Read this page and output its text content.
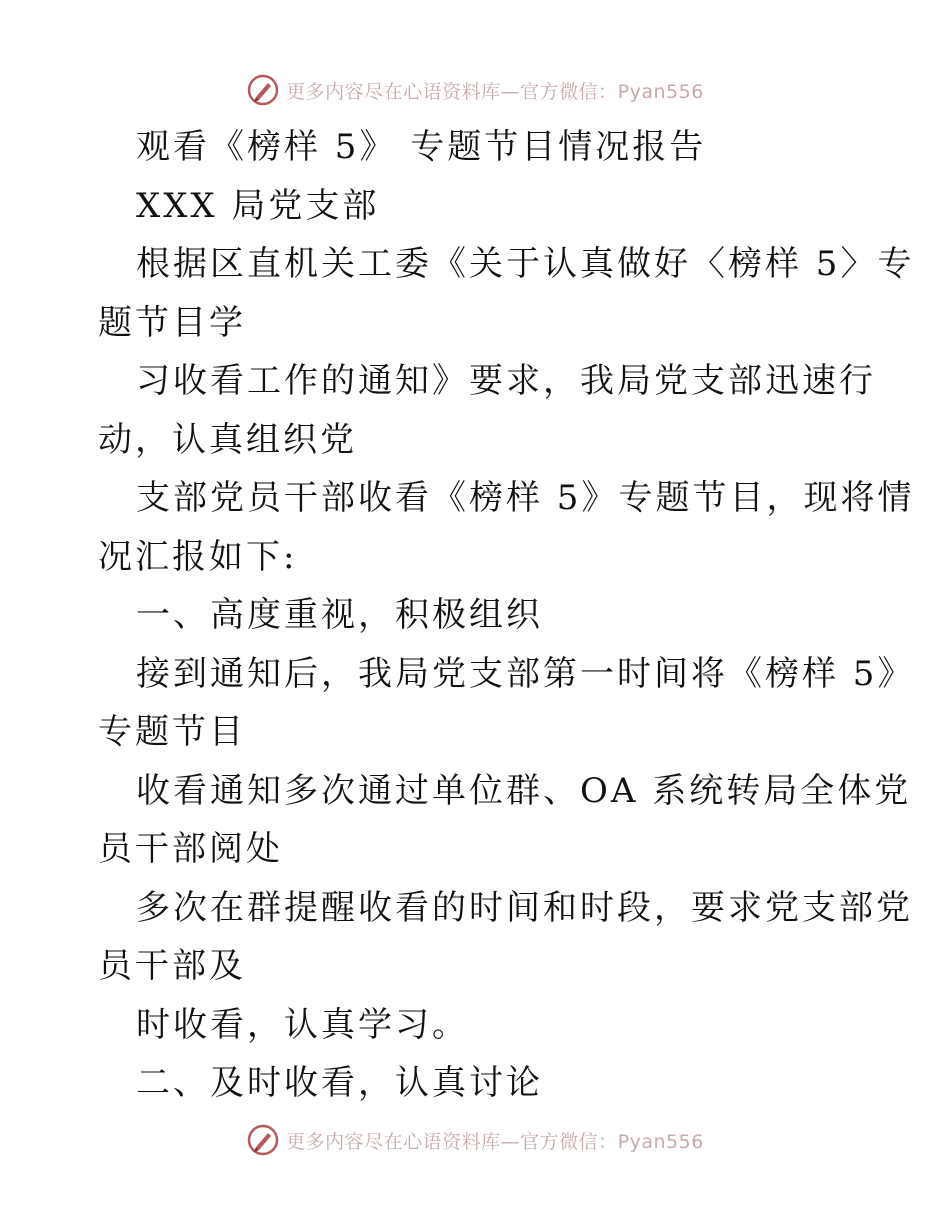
更多内容尽在心语资料库—官方微信：Pyan556
观看《榜样 5》 专题节目情况报告
XXX 局党支部
根据区直机关工委《关于认真做好〈榜样 5〉专
题节目学
习收看工作的通知》要求，我局党支部迅速行
动，认真组织党
支部党员干部收看《榜样 5》专题节目，现将情
况汇报如下:
一、高度重视，积极组织
接到通知后，我局党支部第一时间将《榜样 5》
专题节目
收看通知多次通过单位群、OA 系统转局全体党
员干部阅处
多次在群提醒收看的时间和时段，要求党支部党
员干部及
时收看，认真学习。
二、及时收看，认真讨论
更多内容尽在心语资料库—官方微信：Pyan556
